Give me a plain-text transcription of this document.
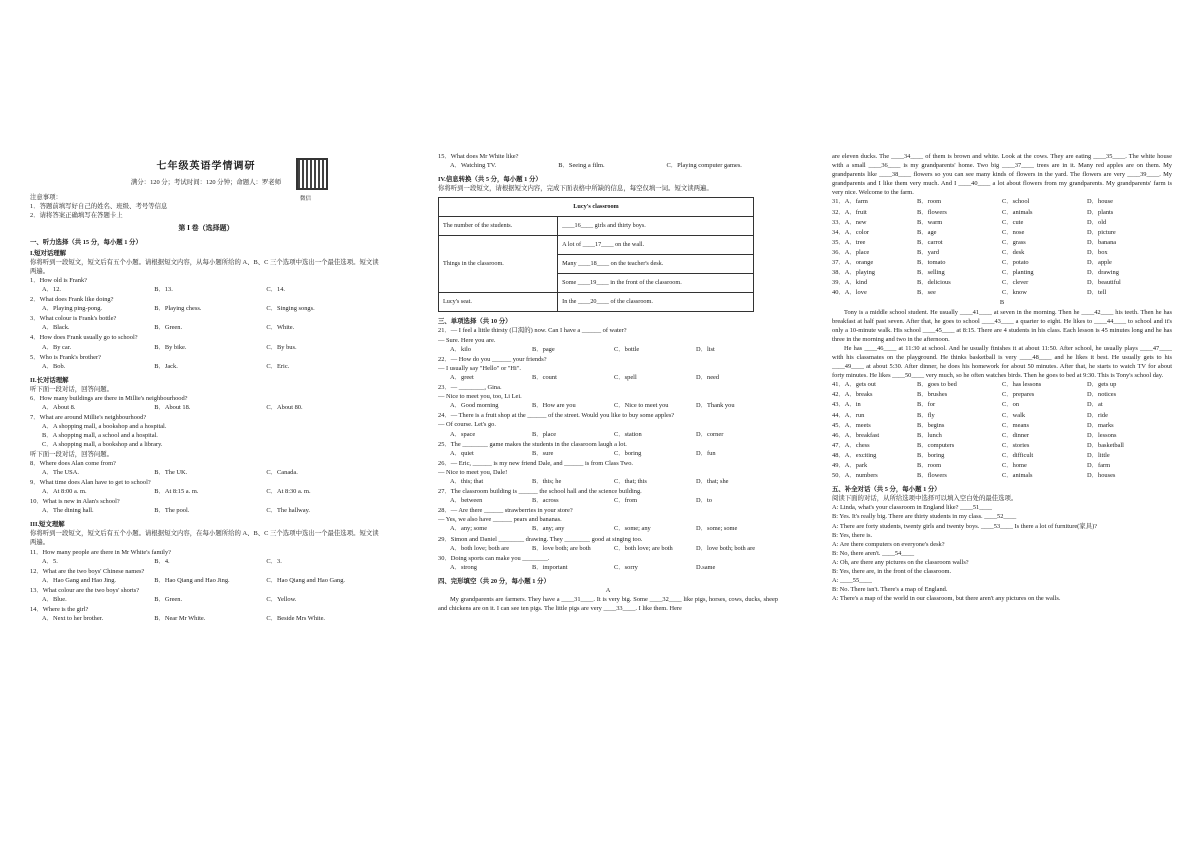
七年级英语学情调研

满分：120 分；考试时间：120 分钟；命题人：罗老师

注意事项：
1．答题前填写好自己的姓名、班级、考号等信息
2．请将答案正确填写在答题卡上
第 I 卷（选择题）
一、听力选择（共 15 分，每小题 1 分）
I.短对话理解
你将听到一段短文，短文后有五个小题。请根据短文内容，从每小题所给的 A、B、C 三个选项中选出一个最佳选项。短文读两遍。

1．How old is Frank?

A．12.	B．13.	C．14.

2．What does Frank like doing?

A．Playing ping-pong.	B．Playing chess.	C．Singing songs.

3．What colour is Frank's bottle?

A．Black.	B．Green.	C．White.

4．How does Frank usually go to school?

A．By car.	B．By bike.	C．By bus.

5．Who is Frank's brother?

A．Bob.	B．Jack.	C．Eric.
II.长对话理解
听下面一段对话，回答问题。

6．How many buildings are there in Millie's neighbourhood?

A．About 8.	B．About 18.	C．About 80.

7．What are around Millie's neighbourhood?

A．A shopping mall, a bookshop and a hospital.
B．A shopping mall, a school and a hospital.
C．A shopping mall, a bookshop and a library.
听下面一段对话，回答问题。

8．Where does Alan come from?

A．The USA.	B．The UK.	C．Canada.

9．What time does Alan have to get to school?

A．At 8:00 a. m.	B．At 8:15 a. m.	C．At 8:30 a. m.

10．What is new in Alan's school?

A．The dining hall.	B．The pool.	C．The hallway.
III.短文理解
你将听到一段短文，短文后有五个小题。请根据短文内容，在每小题所给的 A、B、C 三个选项中选出一个最佳选项。短文读两遍。

11．How many people are there in Mr White's family?

A．5.	B．4.	C．3.

12．What are the two boys' Chinese names?

A．Hao Gang and Hao Jing.	B．Hao Qiang and Hao Jing.	C．Hao Qiang and Hao Gang.

13．What colour are the two boys' shorts?

A．Blue.	B．Green.	C．Yellow.

14．Where is the girl?

A．Next to her brother.	B．Near Mr White.	C．Beside Mrs White.
微信

15．What does Mr White like?

A．Watching TV.	B．Seeing a film.	C．Playing computer games.
IV.信息转换（共 5 分，每小题 1 分）
你将听到一段短文，请根据短文内容，完成下面表格中所缺的信息，每空仅填一词。短文读两遍。
Lucy's classroom	
The number of the students.	____16____ girls and thirty boys.
Things in the classroom.	A lot of ____17____ on the wall.
	Many ____18____ on the teacher's desk.
	Some ____19____ in the front of the classroom.
Lucy's seat.	In the ____20____ of the classroom.
三、单项选择（共 10 分）

21．— I feel a little thirsty (口渴的) now. Can I have a ______ of water?

— Sure. Here you are.

A．kilo	B．page	C．bottle	D．list

22．— How do you ______ your friends?

— I usually say "Hello" or "Hi".

A．greet	B．count	C．spell	D．need

23．— ________, Gina.

— Nice to meet you, too, Li Lei.

A．Good morning	B．How are you	C．Nice to meet you	D．Thank you

24．— There is a fruit shop at the ______ of the street. Would you like to buy some apples?

— Of course. Let's go.

A．space	B．place	C．station	D．corner

25．The ________ game makes the students in the classroom laugh a lot.

A．quiet	B．sure	C．boring	D．fun

26．— Eric, ______ is my new friend Dale, and ______ is from Class Two.

— Nice to meet you, Dale!

A．this; that	B．this; he	C．that; this	D．that; she

27．The classroom building is ______ the school hall and the science building.

A．between	B．across	C．from	D．to

28．— Are there ______ strawberries in your store?

— Yes, we also have ______ pears and bananas.

A．any; some	B．any; any	C．some; any	D．some; some

29．Simon and Daniel ________ drawing. They ________ good at singing too.

A．both love; both are	B．love both; are both	C．both love; are both	D．love both; both are

30．Doing sports can make you ________.

A．strong	B．important	C．sorry	D.same
四、完形填空（共 20 分，每小题 1 分）
A

My grandparents are farmers. They have a ____31____. It is very big. Some ____32____ like pigs, horses, cows, ducks, sheep and chickens are on it. I can see ten pigs. The little pigs are very ____33____. I like them. Here

are eleven ducks. The ____34____ of them is brown and white. Look at the cows. They are eating ____35____. The white house with a small ____36____ is my grandparents' home. Two big ____37____ trees are in it. Many red apples are on them. My grandparents like ____38____ flowers so you can see many kinds of flowers in the yard. The flowers are very ____39____. My grandparents and I like them very much. And I ____40____ a lot about flowers from my grandparents. My grandparents' farm is very nice. Welcome to the farm.

31．A．farm	B．room	C．school	D．house
32．A．fruit	B．flowers	C．animals	D．plants
33．A．new	B．warm	C．cute	D．old
34．A．color	B．age	C．nose	D．picture
35．A．tree	B．carrot	C．grass	D．banana
36．A．place	B．yard	C．desk	D．box
37．A．orange	B．tomato	C．potato	D．apple
38．A．playing	B．selling	C．planting	D．drawing
39．A．kind	B．delicious	C．clever	D．beautiful
40．A．love	B．see	C．know	D．tell
B

Tony is a middle school student. He usually ____41____ at seven in the morning. Then he ____42____ his teeth. Then he has breakfast at half past seven. After that, he goes to school ____43____ a quarter to eight. He likes to ____44____ to school and it's only a 10-minute walk. His school ____45____ at 8:15. There are 4 students in his class. Each lesson is 45 minutes long and he has three in the morning and two in the afternoon.

He has ____46____ at 11:30 at school. And he usually finishes it at about 11:50. After school, he usually plays ____47____ with his classmates on the playground. He thinks basketball is very ____48____ and he likes it best. He usually gets to his ____49____ at about 5:30. After dinner, he does his homework for about 50 minutes. After that, he starts to watch TV for about forty minutes. He likes ____50____ very much, so he often watches birds. Then he goes to bed at 9:30. This is Tony's school day.

41．A．gets out	B．goes to bed	C．has lessons	D．gets up
42．A．breaks	B．brushes	C．prepares	D．notices
43．A．in	B．for	C．on	D．at
44．A．run	B．fly	C．walk	D．ride
45．A．meets	B．begins	C．means	D．marks
46．A．breakfast	B．lunch	C．dinner	D．lessons
47．A．chess	B．computers	C．stories	D．basketball
48．A．exciting	B．boring	C．difficult	D．little
49．A．park	B．room	C．home	D．farm
50．A．numbers	B．flowers	C．animals	D．houses
五、补全对话（共 5 分，每小题 1 分）
阅读下面的对话，从所给选项中选择可以填入空白处的最佳选项。

A: Linda, what's your classroom in England like? ____51____

B: Yes. It's really big. There are thirty students in my class. ____52____

A: There are forty students, twenty girls and twenty boys. ____53____ Is there a lot of furniture(家具)?

B: Yes, there is.

A: Are there computers on everyone's desk?

B: No, there aren't. ____54____

A: Oh, are there any pictures on the classroom walls?

B: Yes, there are, in the front of the classroom.

A: ____55____

B: No. There isn't. There's a map of England.

A: There's a map of the world in our classroom, but there aren't any pictures on the walls.
